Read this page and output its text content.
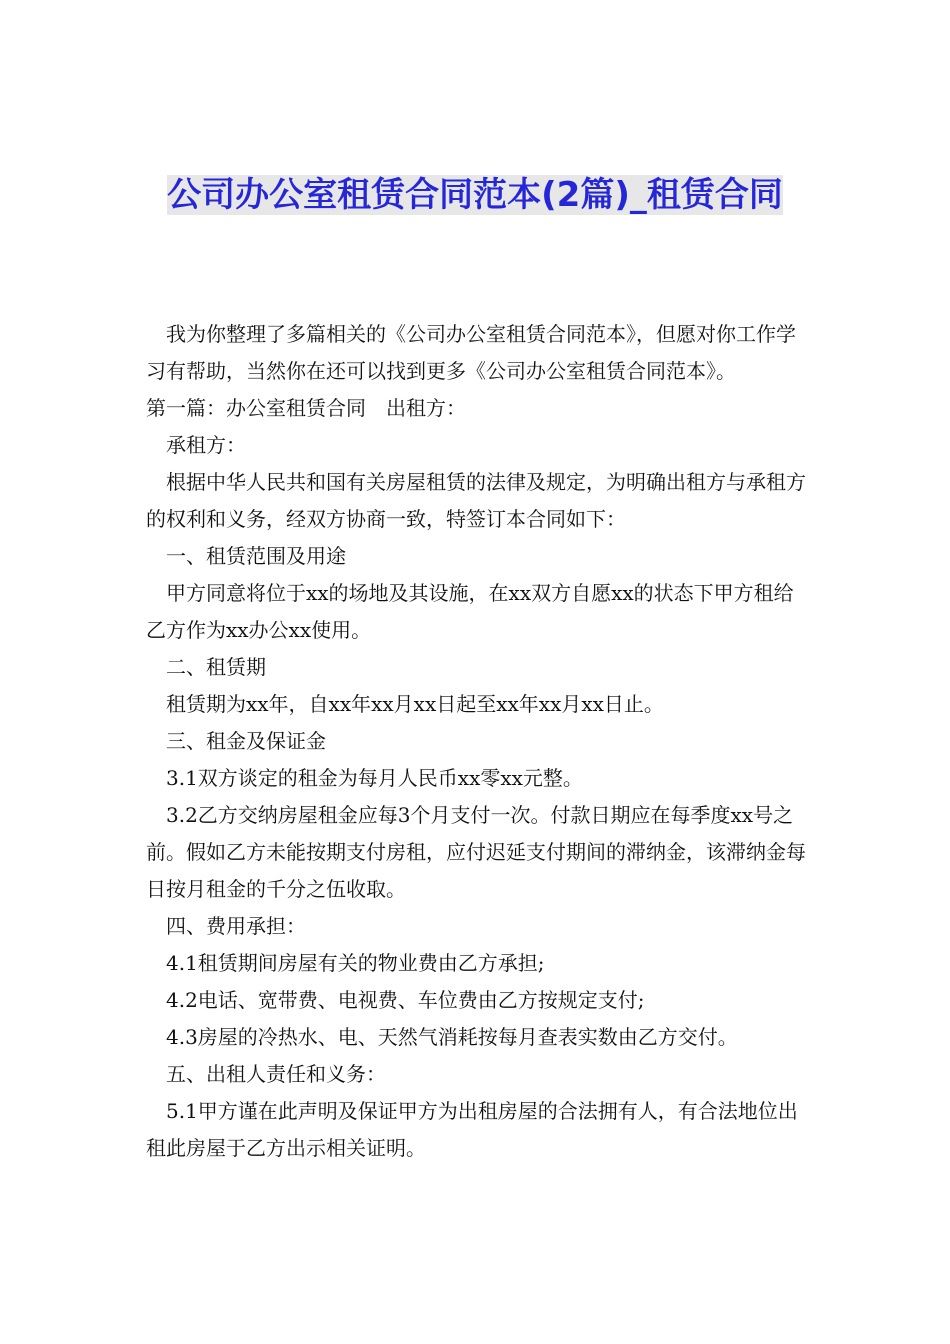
公司办公室租赁合同范本(2篇)_租赁合同

我为你整理了多篇相关的《公司办公室租赁合同范本》，但愿对你工作学习有帮助，当然你在还可以找到更多《公司办公室租赁合同范本》。

第一篇：办公室租赁合同　出租方：

承租方：

根据中华人民共和国有关房屋租赁的法律及规定，为明确出租方与承租方的权利和义务，经双方协商一致，特签订本合同如下：

一、租赁范围及用途

甲方同意将位于xx的场地及其设施，在xx双方自愿xx的状态下甲方租给乙方作为xx办公xx使用。

二、租赁期

租赁期为xx年，自xx年xx月xx日起至xx年xx月xx日止。

三、租金及保证金

3.1双方谈定的租金为每月人民币xx零xx元整。

3.2乙方交纳房屋租金应每3个月支付一次。付款日期应在每季度xx号之前。假如乙方未能按期支付房租，应付迟延支付期间的滞纳金，该滞纳金每日按月租金的千分之伍收取。

四、费用承担：

4.1租赁期间房屋有关的物业费由乙方承担;

4.2电话、宽带费、电视费、车位费由乙方按规定支付;

4.3房屋的冷热水、电、天然气消耗按每月查表实数由乙方交付。

五、出租人责任和义务：

5.1甲方谨在此声明及保证甲方为出租房屋的合法拥有人，有合法地位出租此房屋于乙方出示相关证明。
